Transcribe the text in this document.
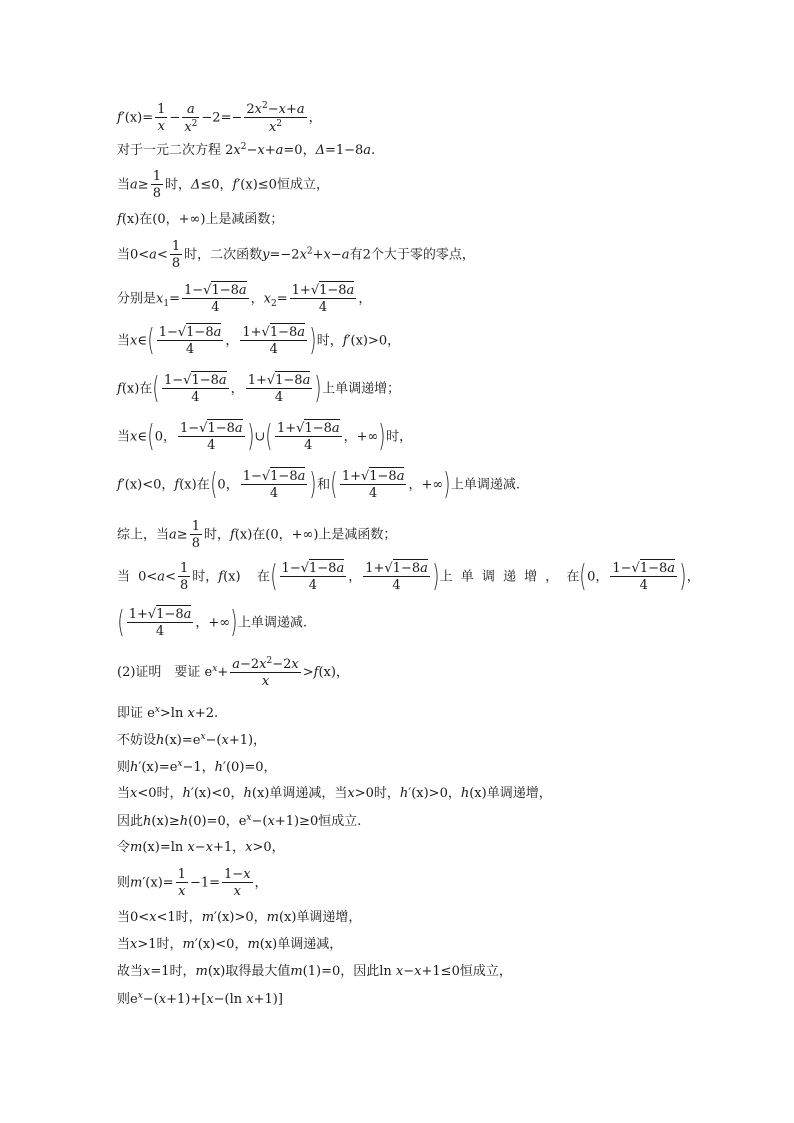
$f'(x)= \frac{1}{x} - \frac{a}{x^2} -2=- \frac{2x^2-x+a}{x^2}$ ，
对于一元二次方程 $2x^2-x+a=0$，Δ=1−8a.
当$a\ge \frac{1}{8}$ 时，Δ≤0，f′(x)≤0恒成立，
f(x)在(0，+∞)上是减函数；
当$0<a< \frac{1}{8}$ 时，二次函数$y=-2x^2+x-a$有2个大于零的零点，
分别是$x_1= \frac{1-√1-8a}{4}$ ，$x_2= \frac{1+√1-8a}{4}$ ，
当x∈( $\frac{1-√1-8a}{4}$ ， $\frac{1+√1-8a}{4}$ )时，f′(x)>0，
f(x)在( $\frac{1-√1-8a}{4}$ ， $\frac{1+√1-8a}{4}$ )上单调递增；
当x∈(0， $\frac{1-√1-8a}{4}$ )∪( $\frac{1+√1-8a}{4}$ ，+∞)时，
f′(x)<0，f(x)在(0， $\frac{1-√1-8a}{4}$ )和( $\frac{1+√1-8a}{4}$ ，+∞)上单调递减.
综上，当$a\ge \frac{1}{8}$ 时，f(x)在(0，+∞)上是减函数；
当 $0<a< \frac{1}{8}$ 时，f(x)  在( $\frac{1-√1-8a}{4}$ ， $\frac{1+√1-8a}{4}$ )上 单 调 递 增 ， 在(0， $\frac{1-√1-8a}{4}$ )，
( $\frac{1+√1-8a}{4}$ ，+∞)上单调递减.
(2)证明　要证 $e^x+ \frac{a-2x^2-2x}{x} >f(x)$，
即证 $e^x>\ln$ x+2.
不妨设$h(x)=e^x-(x+1)$，
则$h'(x)=e^x-1$，h′(0)=0，
当x<0时，h′(x)<0，h(x)单调递减，当x>0时，h′(x)>0，h(x)单调递增，
因此h(x)≥h(0)=0，$e^x-(x+1)\ge 0$恒成立.
令m(x)=ln x−x+1，x>0，
则$m'(x)= \frac{1}{x} -1= \frac{1-x}{x}$ ，
当0<x<1时，m′(x)>0，m(x)单调递增，
当x>1时，m′(x)<0，m(x)单调递减，
故当x=1时，m(x)取得最大值m(1)=0，因此ln x−x+1≤0恒成立，
则$e^x-(x+1)+[x-(\ln$ x+1)]
